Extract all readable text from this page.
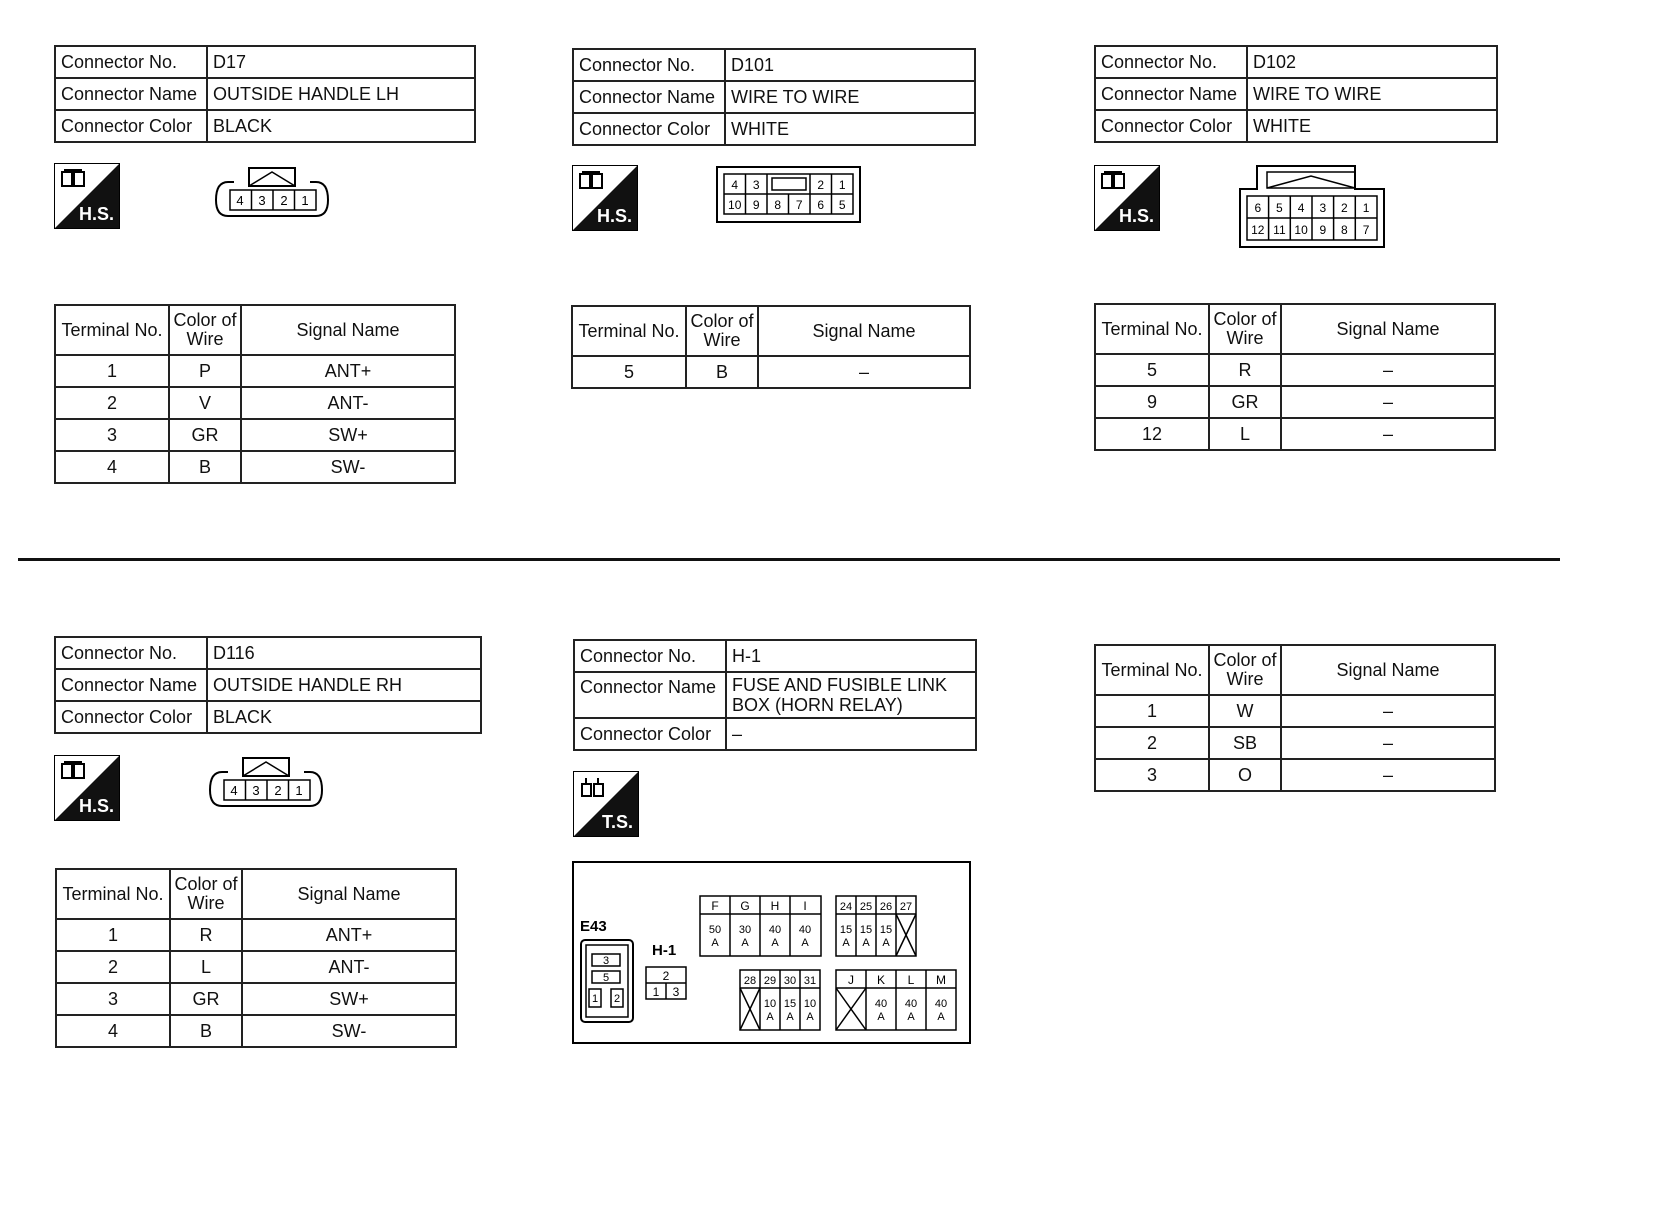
Connector No.	D17
Connector Name	OUTSIDE HANDLE LH
Connector Color	BLACK
H.S.
4 3 2 1
Terminal No.	Color of Wire	Signal Name
1	P	ANT+
2	V	ANT-
3	GR	SW+
4	B	SW-
Connector No.	D101
Connector Name	WIRE TO WIRE
Connector Color	WHITE
H.S.
4 3	2 1
10 9 8 7 6 5
Terminal No.	Color of Wire	Signal Name
5	B	–
Connector No.	D102
Connector Name	WIRE TO WIRE
Connector Color	WHITE
H.S.	6 5 4 3 2 1
12 11 10 9 8 7
Terminal No.	Color of Wire	Signal Name
5	R	–
9	GR	–
12	L	–
Connector No.	D116
Connector Name	OUTSIDE HANDLE RH
Connector Color	BLACK
H.S.
4 3 2 1
Terminal No.	Color of Wire	Signal Name
1	R	ANT+
2	L	ANT-
3	GR	SW+
4	B	SW-
Connector No.	H-1
Connector Name	FUSE AND FUSIBLE LINK
BOX (HORN RELAY)

Connector Color	–
T.S.
E43
3
5
1 2
H-1
2
1 3
F G H I
50 30 40 40
A A A A
24 25 26 27
15 15 15
A A A
28 29 30 31
10 15 10
A A A
J K L M
40 40 40
A A A
Terminal No.	Color of Wire	Signal Name
1	W	–
2	SB	–
3	O	–
